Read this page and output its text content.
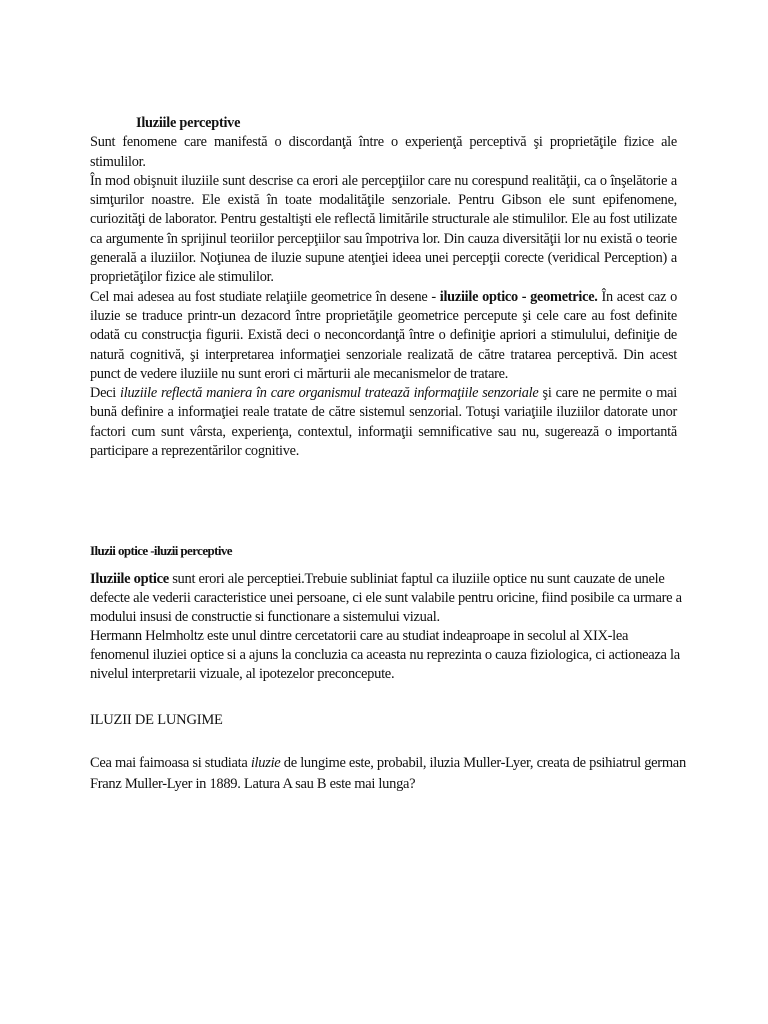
Iluziile perceptive

Sunt fenomene care manifestă o discordanţă între o experienţă perceptivă şi proprietăţile fizice ale stimulilor.

În mod obişnuit iluziile sunt descrise ca erori ale percepţiilor care nu corespund realităţii, ca o înşelătorie a simţurilor noastre. Ele există în toate modalităţile senzoriale. Pentru Gibson ele sunt epifenomene, curiozităţi de laborator. Pentru gestaltişti ele reflectă limitările structurale ale stimulilor. Ele au fost utilizate ca argumente în sprijinul teoriilor percepţiilor sau împotriva lor. Din cauza diversităţii lor nu există o teorie generală a iluziilor. Noţiunea de iluzie supune atenţiei ideea unei percepţii corecte (veridical Perception) a proprietăţilor fizice ale stimulilor.

Cel mai adesea au fost studiate relaţiile geometrice în desene - iluziile optico - geometrice. În acest caz o iluzie se traduce printr-un dezacord între proprietăţile geometrice percepute şi cele care au fost definite odată cu construcţia figurii. Există deci o neconcordanţă între o definiţie apriori a stimulului, definiţie de natură cognitivă, şi interpretarea informaţiei senzoriale realizată de către tratarea perceptivă. Din acest punct de vedere iluziile nu sunt erori ci mărturii ale mecanismelor de tratare.

Deci iluziile reflectă maniera în care organismul tratează informaţiile senzoriale şi care ne permite o mai bună definire a informaţiei reale tratate de către sistemul senzorial. Totuşi variaţiile iluziilor datorate unor factori cum sunt vârsta, experienţa, contextul, informaţii semnificative sau nu, sugerează o importantă participare a reprezentărilor cognitive.

Iluzii optice -iluzii perceptive

Iluziile optice sunt erori ale perceptiei.Trebuie subliniat faptul ca iluziile optice nu sunt cauzate de unele defecte ale vederii caracteristice unei persoane, ci ele sunt valabile pentru oricine, fiind posibile ca urmare a modului insusi de constructie si functionare a sistemului vizual.

Hermann Helmholtz este unul dintre cercetatorii care au studiat indeaproape in secolul al XIX-lea fenomenul iluziei optice si a ajuns la concluzia ca aceasta nu reprezinta o cauza fiziologica, ci actioneaza la nivelul interpretarii vizuale, al ipotezelor preconcepute.

ILUZII DE LUNGIME

Cea mai faimoasa si studiata iluzie de lungime este, probabil, iluzia Muller-Lyer, creata de psihiatrul german Franz Muller-Lyer in 1889. Latura A sau B este mai lunga?
